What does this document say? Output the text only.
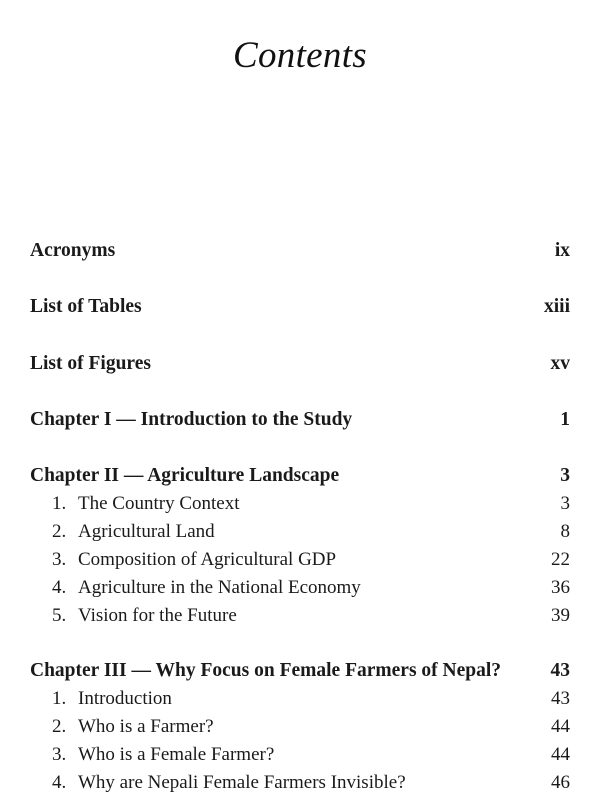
Contents
Acronyms	ix
List of Tables	xiii
List of Figures	xv
Chapter I — Introduction to the Study	1
Chapter II — Agriculture Landscape	3
1. The Country Context	3
2. Agricultural Land	8
3. Composition of Agricultural GDP	22
4. Agriculture in the National Economy	36
5. Vision for the Future	39
Chapter III — Why Focus on Female Farmers of Nepal?	43
1. Introduction	43
2. Who is a Farmer?	44
3. Who is a Female Farmer?	44
4. Why are Nepali Female Farmers Invisible?	46
